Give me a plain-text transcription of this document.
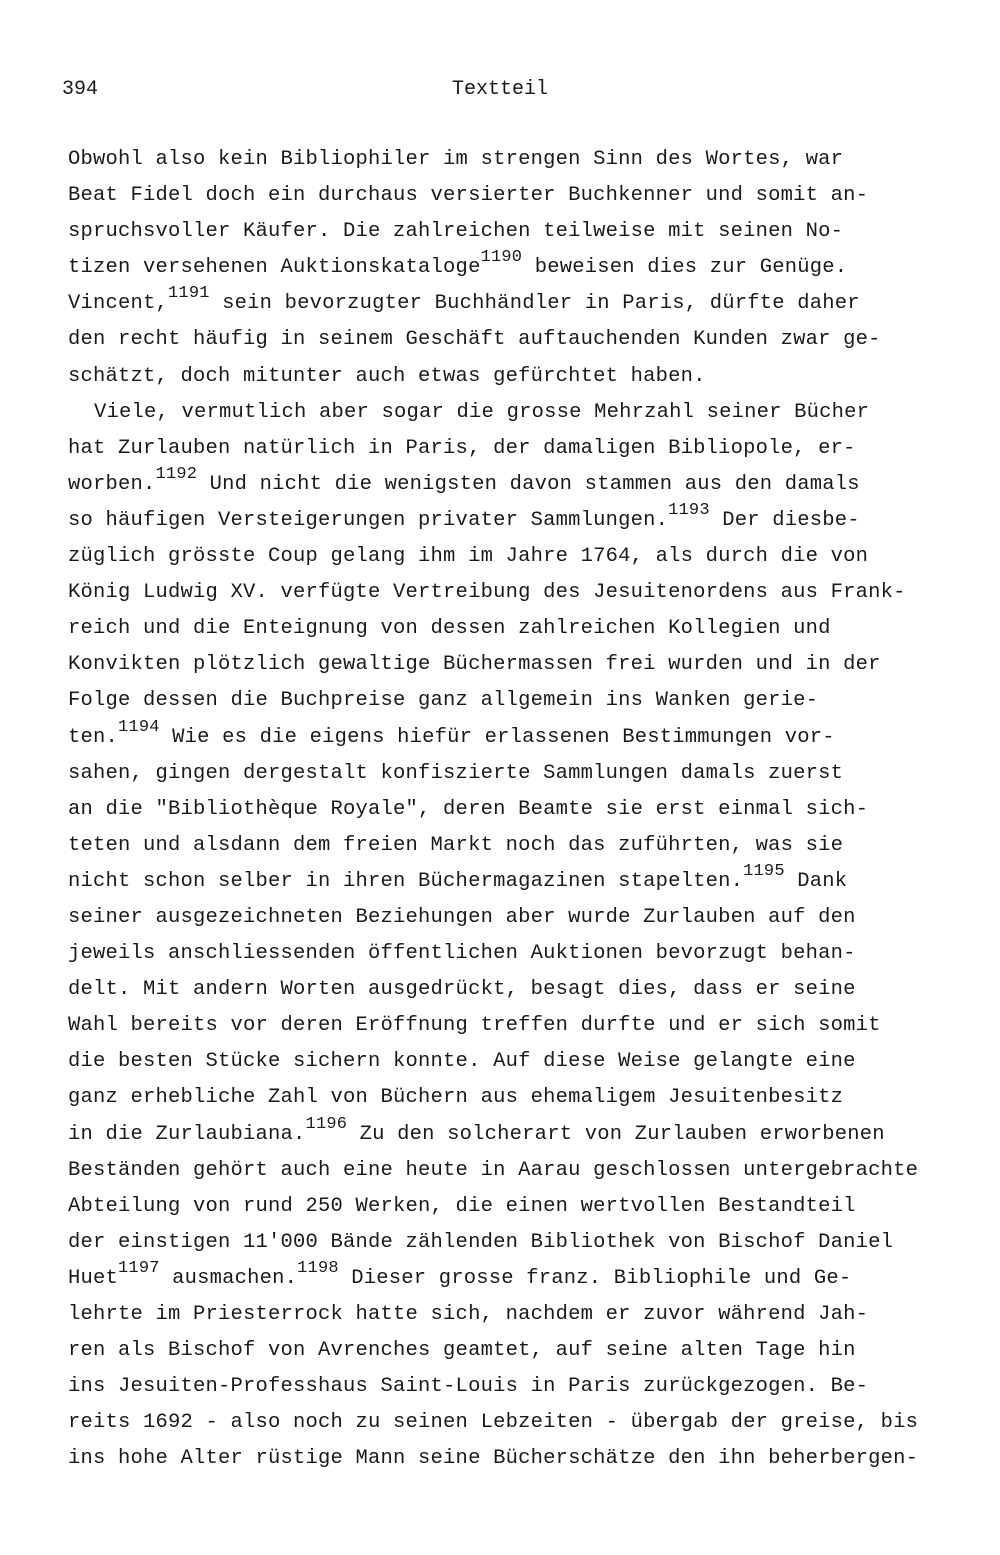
394	Textteil
Obwohl also kein Bibliophiler im strengen Sinn des Wortes, war
Beat Fidel doch ein durchaus versierter Buchkenner und somit an-
spruchsvoller Käufer. Die zahlreichen teilweise mit seinen No-
tizen versehenen Auktionskataloge$^{1190}$ beweisen dies zur Genüge.
Vincent,$^{1191}$ sein bevorzugter Buchhändler in Paris, dürfte daher
den recht häufig in seinem Geschäft auftauchenden Kunden zwar ge-
schätzt, doch mitunter auch etwas gefürchtet haben.
Viele, vermutlich aber sogar die grosse Mehrzahl seiner Bücher
hat Zurlauben natürlich in Paris, der damaligen Bibliopole, er-
worben.$^{1192}$ Und nicht die wenigsten davon stammen aus den damals
so häufigen Versteigerungen privater Sammlungen.$^{1193}$ Der diesbe-
züglich grösste Coup gelang ihm im Jahre 1764, als durch die von
König Ludwig XV. verfügte Vertreibung des Jesuitenordens aus Frank-
reich und die Enteignung von dessen zahlreichen Kollegien und
Konvikten plötzlich gewaltige Büchermassen frei wurden und in der
Folge dessen die Buchpreise ganz allgemein ins Wanken gerie-
ten.$^{1194}$ Wie es die eigens hiefür erlassenen Bestimmungen vor-
sahen, gingen dergestalt konfiszierte Sammlungen damals zuerst
an die "Bibliothèque Royale", deren Beamte sie erst einmal sich-
teten und alsdann dem freien Markt noch das zuführten, was sie
nicht schon selber in ihren Büchermagazinen stapelten.$^{1195}$ Dank
seiner ausgezeichneten Beziehungen aber wurde Zurlauben auf den
jeweils anschliessenden öffentlichen Auktionen bevorzugt behan-
delt. Mit andern Worten ausgedrückt, besagt dies, dass er seine
Wahl bereits vor deren Eröffnung treffen durfte und er sich somit
die besten Stücke sichern konnte. Auf diese Weise gelangte eine
ganz erhebliche Zahl von Büchern aus ehemaligem Jesuitenbesitz
in die Zurlaubiana.$^{1196}$ Zu den solcherart von Zurlauben erworbenen
Beständen gehört auch eine heute in Aarau geschlossen untergebrachte
Abteilung von rund 250 Werken, die einen wertvollen Bestandteil
der einstigen 11'000 Bände zählenden Bibliothek von Bischof Daniel
Huet$^{1197}$ ausmachen.$^{1198}$ Dieser grosse franz. Bibliophile und Ge-
lehrte im Priesterrock hatte sich, nachdem er zuvor während Jah-
ren als Bischof von Avrenches geamtet, auf seine alten Tage hin
ins Jesuiten-Professhaus Saint-Louis in Paris zurückgezogen. Be-
reits 1692 - also noch zu seinen Lebzeiten - übergab der greise, bis
ins hohe Alter rüstige Mann seine Bücherschätze den ihn beherbergen-
